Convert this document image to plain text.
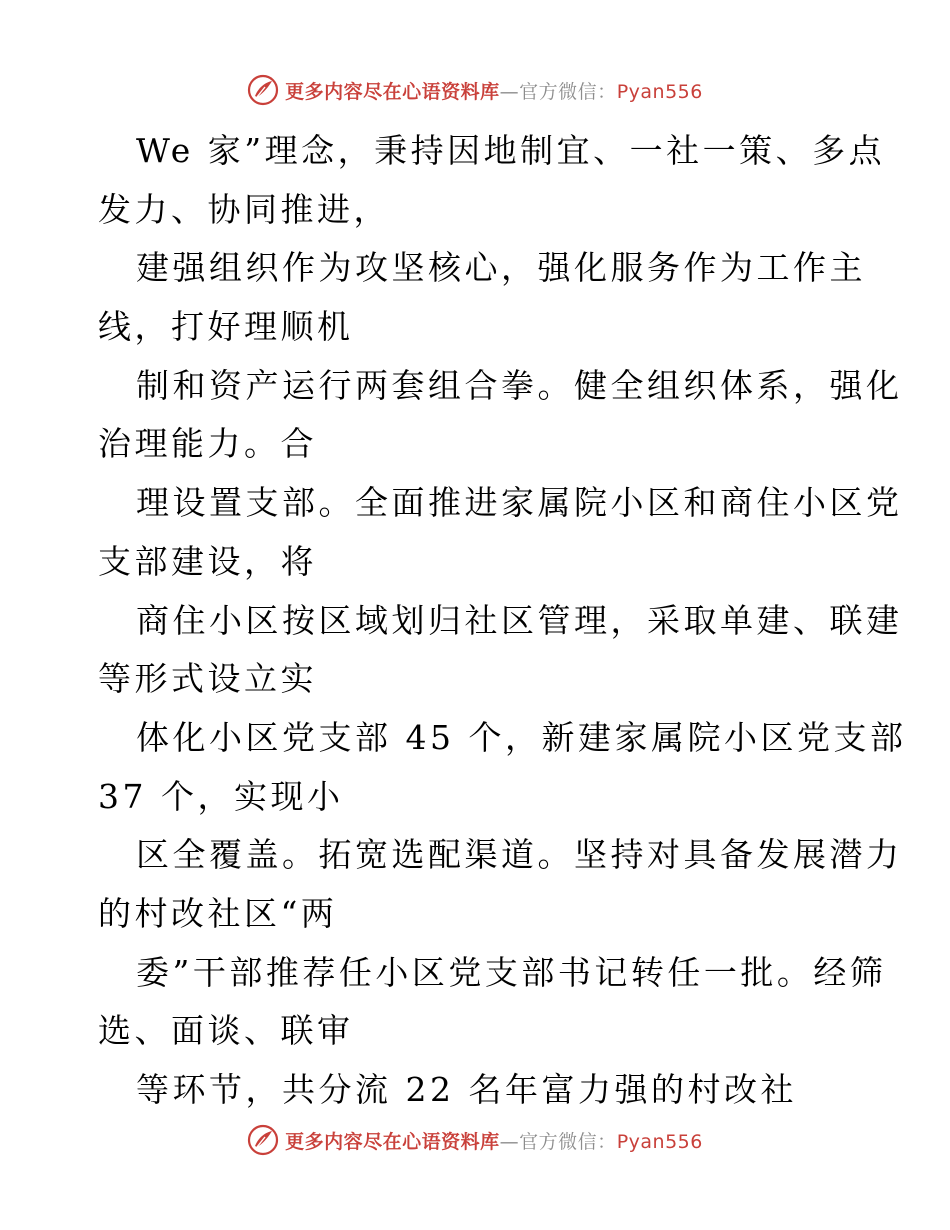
更多内容尽在心语资料库—官方微信：Pyan556
We 家”理念，秉持因地制宜、一社一策、多点
发力、协同推进，
建强组织作为攻坚核心，强化服务作为工作主
线，打好理顺机
制和资产运行两套组合拳。健全组织体系，强化
治理能力。合
理设置支部。全面推进家属院小区和商住小区党
支部建设，将
商住小区按区域划归社区管理，采取单建、联建
等形式设立实
体化小区党支部 45 个，新建家属院小区党支部
37 个，实现小
区全覆盖。拓宽选配渠道。坚持对具备发展潜力
的村改社区“两
委”干部推荐任小区党支部书记转任一批。经筛
选、面谈、联审
等环节，共分流 22 名年富力强的村改社
更多内容尽在心语资料库—官方微信：Pyan556
